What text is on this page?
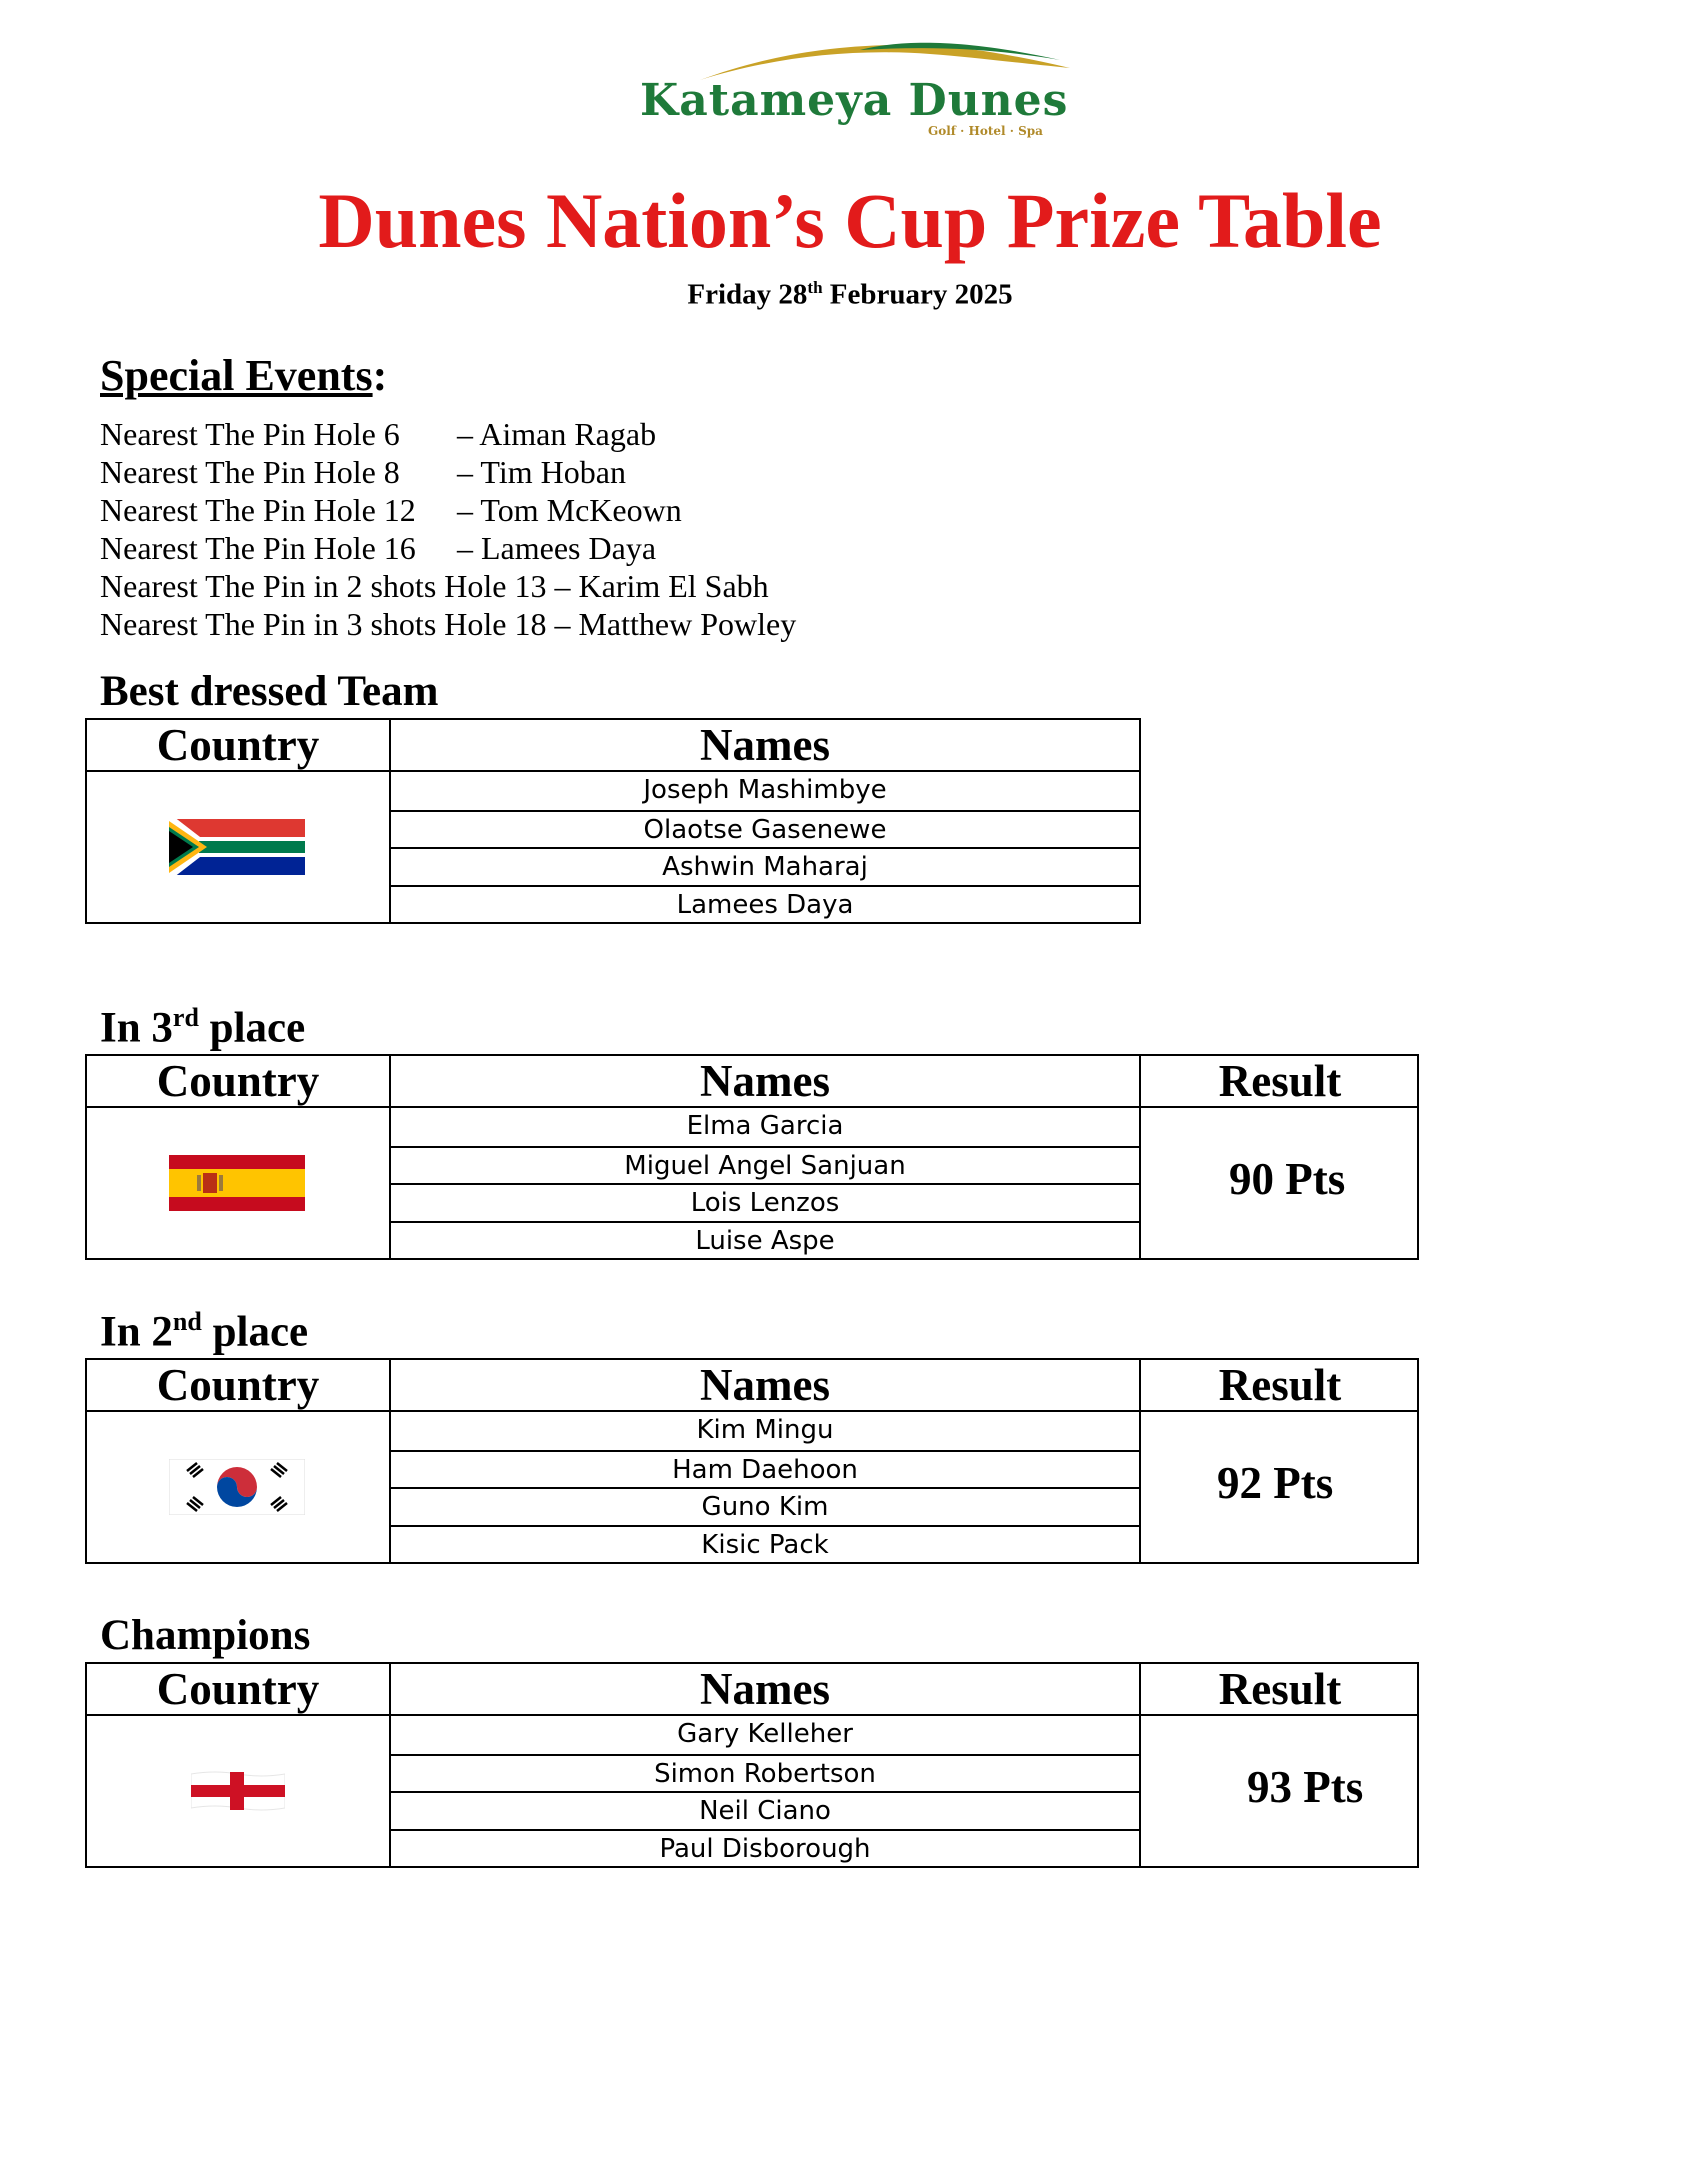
Katameya Dunes
Golf · Hotel · Spa
Dunes Nation’s Cup Prize Table
Friday 28th February 2025
Special Events:
Nearest The Pin Hole 6	– Aiman Ragab
Nearest The Pin Hole 8	– Tim Hoban
Nearest The Pin Hole 12	– Tom McKeown
Nearest The Pin Hole 16	– Lamees Daya
Nearest The Pin in 2 shots Hole 13 – Karim El Sabh
Nearest The Pin in 3 shots Hole 18 – Matthew Powley
Best dressed Team
Country	Names
Joseph Mashimbye
Olaotse Gasenewe
Ashwin Maharaj
Lamees Daya
In 3rd place
Country	Names	Result
Elma Garcia
Miguel Angel Sanjuan
Lois Lenzos
Luise Aspe
90 Pts
In 2nd place
Country	Names	Result
Kim Mingu
Ham Daehoon
Guno Kim
Kisic Pack
92 Pts
Champions
Country	Names	Result
Gary Kelleher
Simon Robertson
Neil Ciano
Paul Disborough
93 Pts
